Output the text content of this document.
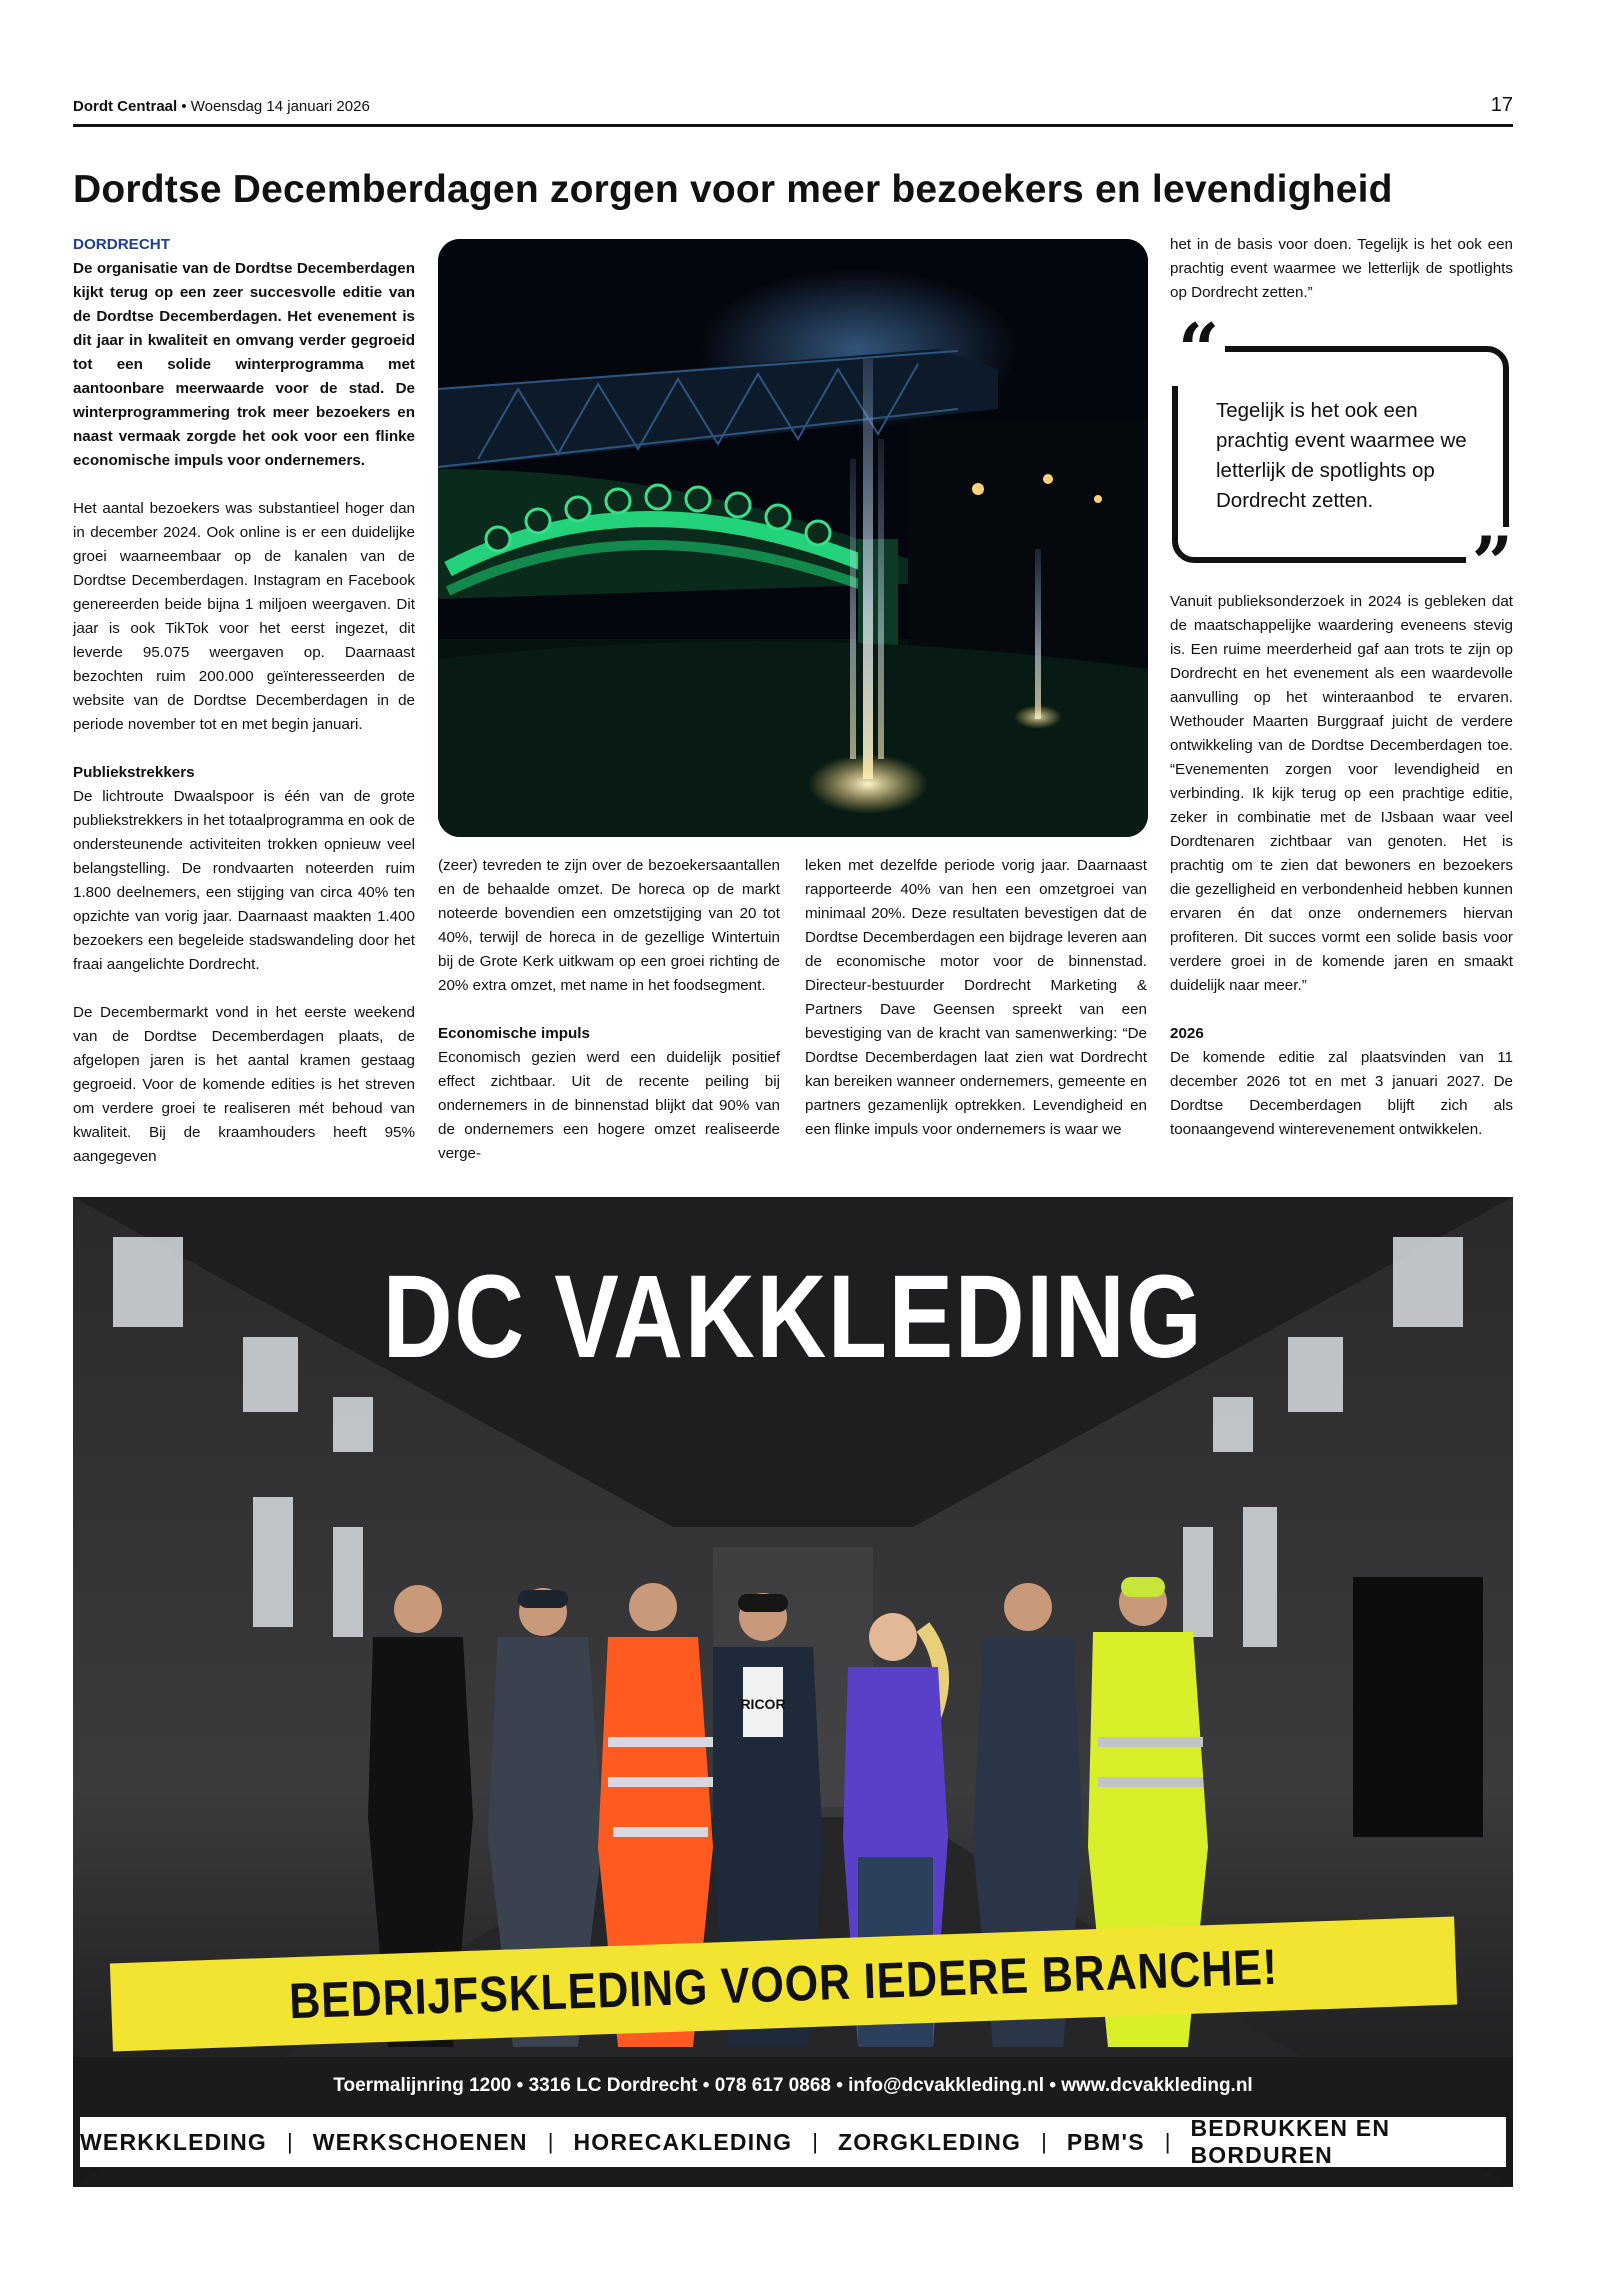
Dordt Centraal • Woensdag 14 januari 2026	17
Dordtse Decemberdagen zorgen voor meer bezoekers en levendigheid

DORDRECHT

De organisatie van de Dordtse Decemberdagen kijkt terug op een zeer succesvolle editie van de Dordtse Decemberdagen. Het evenement is dit jaar in kwaliteit en omvang verder gegroeid tot een solide winterprogramma met aantoonbare meerwaarde voor de stad. De winterprogrammering trok meer bezoekers en naast vermaak zorgde het ook voor een flinke economische impuls voor ondernemers.

Het aantal bezoekers was substantieel hoger dan in december 2024. Ook online is er een duidelijke groei waarneembaar op de kanalen van de Dordtse Decemberdagen. Instagram en Facebook genereerden beide bijna 1 miljoen weergaven. Dit jaar is ook TikTok voor het eerst ingezet, dit leverde 95.075 weergaven op. Daarnaast bezochten ruim 200.000 geïnteresseerden de website van de Dordtse Decemberdagen in de periode november tot en met begin januari.

Publiekstrekkers

De lichtroute Dwaalspoor is één van de grote publiekstrekkers in het totaalprogramma en ook de ondersteunende activiteiten trokken opnieuw veel belangstelling. De rondvaarten noteerden ruim 1.800 deelnemers, een stijging van circa 40% ten opzichte van vorig jaar. Daarnaast maakten 1.400 bezoekers een begeleide stadswandeling door het fraai aangelichte Dordrecht.

De Decembermarkt vond in het eerste weekend van de Dordtse Decemberdagen plaats, de afgelopen jaren is het aantal kramen gestaag gegroeid. Voor de komende edities is het streven om verdere groei te realiseren mét behoud van kwaliteit. Bij de kraamhouders heeft 95% aangegeven

(zeer) tevreden te zijn over de bezoekersaantallen en de behaalde omzet. De horeca op de markt noteerde bovendien een omzetstijging van 20 tot 40%, terwijl de horeca in de gezellige Wintertuin bij de Grote Kerk uitkwam op een groei richting de 20% extra omzet, met name in het foodsegment.

Economische impuls

Economisch gezien werd een duidelijk positief effect zichtbaar. Uit de recente peiling bij ondernemers in de binnenstad blijkt dat 90% van de ondernemers een hogere omzet realiseerde verge-

leken met dezelfde periode vorig jaar. Daarnaast rapporteerde 40% van hen een omzetgroei van minimaal 20%. Deze resultaten bevestigen dat de Dordtse Decemberdagen een bijdrage leveren aan de economische motor voor de binnenstad. Directeur-bestuurder Dordrecht Marketing & Partners Dave Geensen spreekt van een bevestiging van de kracht van samenwerking: “De Dordtse Decemberdagen laat zien wat Dordrecht kan bereiken wanneer ondernemers, gemeente en partners gezamenlijk optrekken. Levendigheid en een flinke impuls voor ondernemers is waar we

het in de basis voor doen. Tegelijk is het ook een prachtig event waarmee we letterlijk de spotlights op Dordrecht zetten.”

“
Tegelijk is het ook een prachtig event waarmee we letterlijk de spotlights op Dordrecht zetten.
”

Vanuit publieksonderzoek in 2024 is gebleken dat de maatschappelijke waardering eveneens stevig is. Een ruime meerderheid gaf aan trots te zijn op Dordrecht en het evenement als een waardevolle aanvulling op het winteraanbod te ervaren. Wethouder Maarten Burggraaf juicht de verdere ontwikkeling van de Dordtse Decemberdagen toe. “Evenementen zorgen voor levendigheid en verbinding. Ik kijk terug op een prachtige editie, zeker in combinatie met de IJsbaan waar veel Dordtenaren zichtbaar van genoten. Het is prachtig om te zien dat bewoners en bezoekers die gezelligheid en verbondenheid hebben kunnen ervaren én dat onze ondernemers hiervan profiteren. Dit succes vormt een solide basis voor verdere groei in de komende jaren en smaakt duidelijk naar meer.”

2026

De komende editie zal plaatsvinden van 11 december 2026 tot en met 3 januari 2027. De Dordtse Decemberdagen blijft zich als toonaangevend winterevenement ontwikkelen.

RICOR
DC VAKKLEDING
BEDRIJFSKLEDING VOOR IEDERE BRANCHE!
Toermalijnring 1200 • 3316 LC Dordrecht • 078 617 0868 • info@dcvakkleding.nl • www.dcvakkleding.nl
WERKKLEDING | WERKSCHOENEN | HORECAKLEDING | ZORGKLEDING | PBM'S |
BEDRUKKEN EN BORDUREN
